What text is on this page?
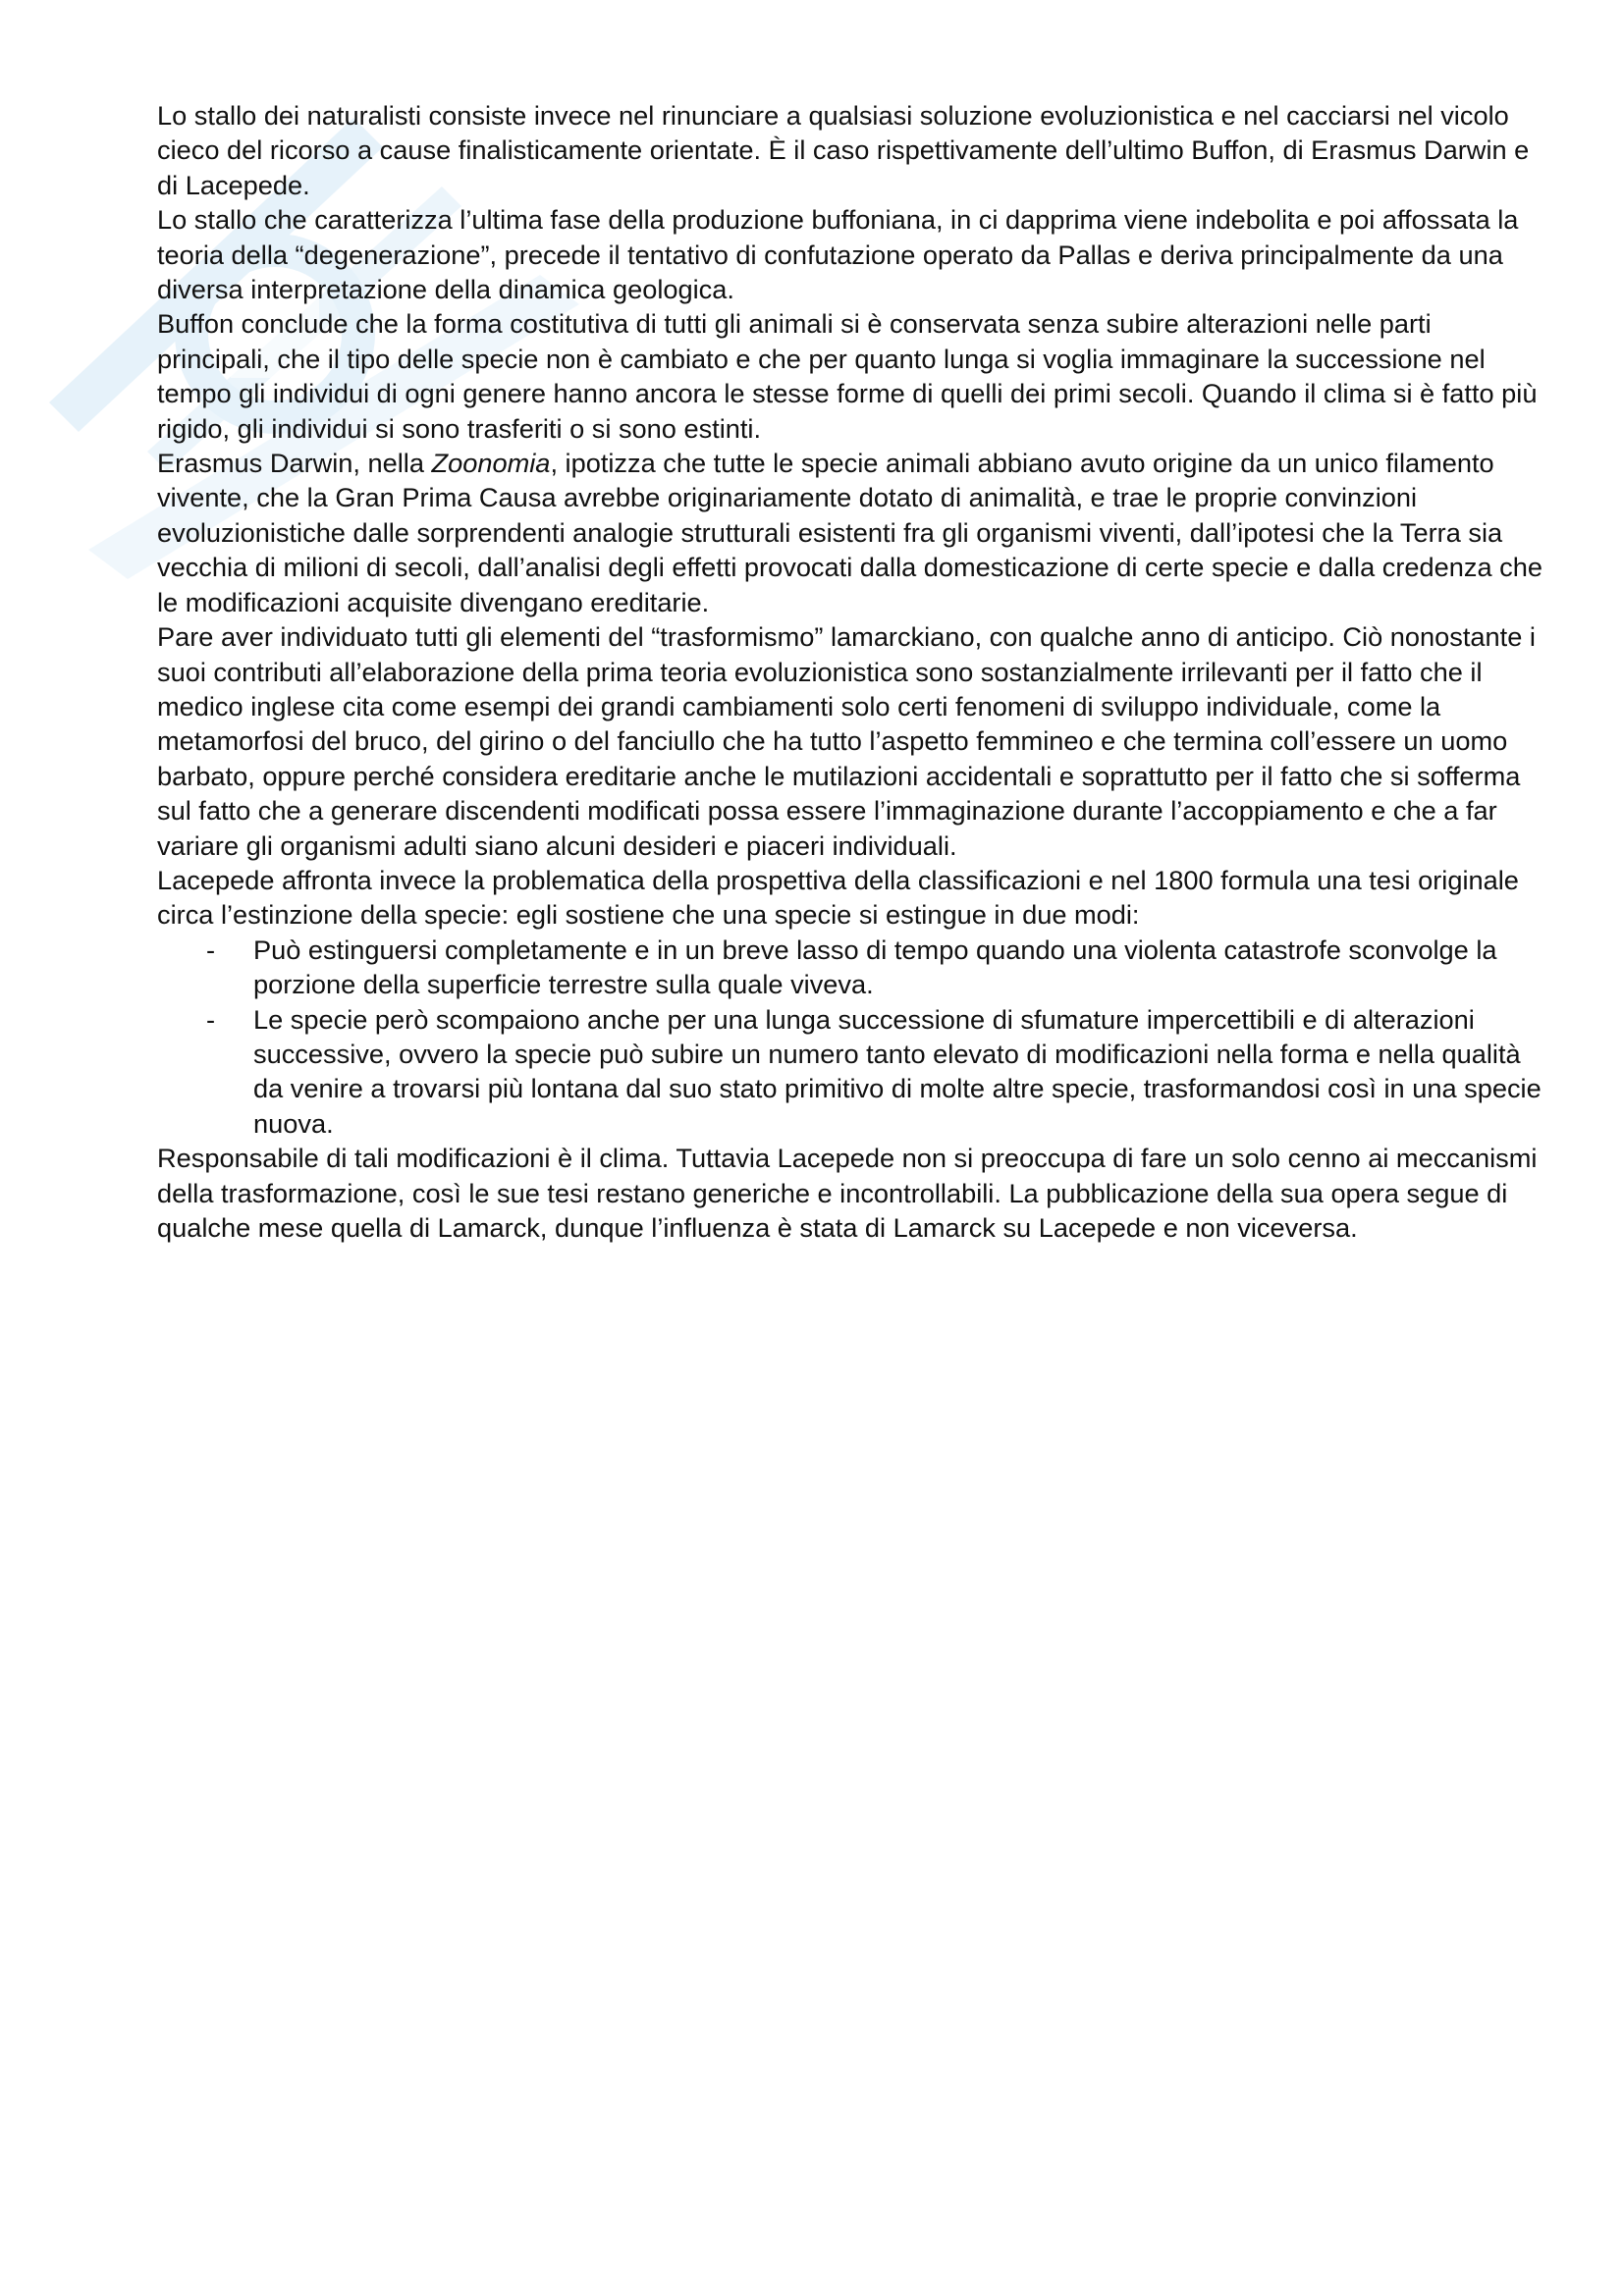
Lo stallo dei naturalisti consiste invece nel rinunciare a qualsiasi soluzione evoluzionistica e nel cacciarsi nel vicolo cieco del ricorso a cause finalisticamente orientate. È il caso rispettivamente dell’ultimo Buffon, di Erasmus Darwin e di Lacepede.

Lo stallo che caratterizza l’ultima fase della produzione buffoniana, in ci dapprima viene indebolita e poi affossata la teoria della “degenerazione”, precede il tentativo di confutazione operato da Pallas e deriva principalmente da una diversa interpretazione della dinamica geologica.

Buffon conclude che la forma costitutiva di tutti gli animali si è conservata senza subire alterazioni nelle parti principali, che il tipo delle specie non è cambiato e che per quanto lunga si voglia immaginare la successione nel tempo gli individui di ogni genere hanno ancora le stesse forme di quelli dei primi secoli. Quando il clima si è fatto più rigido, gli individui si sono trasferiti o si sono estinti.

Erasmus Darwin, nella Zoonomia, ipotizza che tutte le specie animali abbiano avuto origine da un unico filamento vivente, che la Gran Prima Causa avrebbe originariamente dotato di animalità, e trae le proprie convinzioni evoluzionistiche dalle sorprendenti analogie strutturali esistenti fra gli organismi viventi, dall’ipotesi che la Terra sia vecchia di milioni di secoli, dall’analisi degli effetti provocati dalla domesticazione di certe specie e dalla credenza che le modificazioni acquisite divengano ereditarie.

Pare aver individuato tutti gli elementi del “trasformismo” lamarckiano, con qualche anno di anticipo. Ciò nonostante i suoi contributi all’elaborazione della prima teoria evoluzionistica sono sostanzialmente irrilevanti per il fatto che il medico inglese cita come esempi dei grandi cambiamenti solo certi fenomeni di sviluppo individuale, come la metamorfosi del bruco, del girino o del fanciullo che ha tutto l’aspetto femmineo e che termina coll’essere un uomo barbato, oppure perché considera ereditarie anche le mutilazioni accidentali e soprattutto per il fatto che si sofferma sul fatto che a generare discendenti modificati possa essere l’immaginazione durante l’accoppiamento e che a far variare gli organismi adulti siano alcuni desideri e piaceri individuali.

Lacepede affronta invece la problematica della prospettiva della classificazioni e nel 1800 formula una tesi originale circa l’estinzione della specie: egli sostiene che una specie si estingue in due modi:

- Può estinguersi completamente e in un breve lasso di tempo quando una violenta catastrofe sconvolge la porzione della superficie terrestre sulla quale viveva.
- Le specie però scompaiono anche per una lunga successione di sfumature impercettibili e di alterazioni successive, ovvero la specie può subire un numero tanto elevato di modificazioni nella forma e nella qualità da venire a trovarsi più lontana dal suo stato primitivo di molte altre specie, trasformandosi così in una specie nuova.

Responsabile di tali modificazioni è il clima. Tuttavia Lacepede non si preoccupa di fare un solo cenno ai meccanismi della trasformazione, così le sue tesi restano generiche e incontrollabili. La pubblicazione della sua opera segue di qualche mese quella di Lamarck, dunque l’influenza è stata di Lamarck su Lacepede e non viceversa.
